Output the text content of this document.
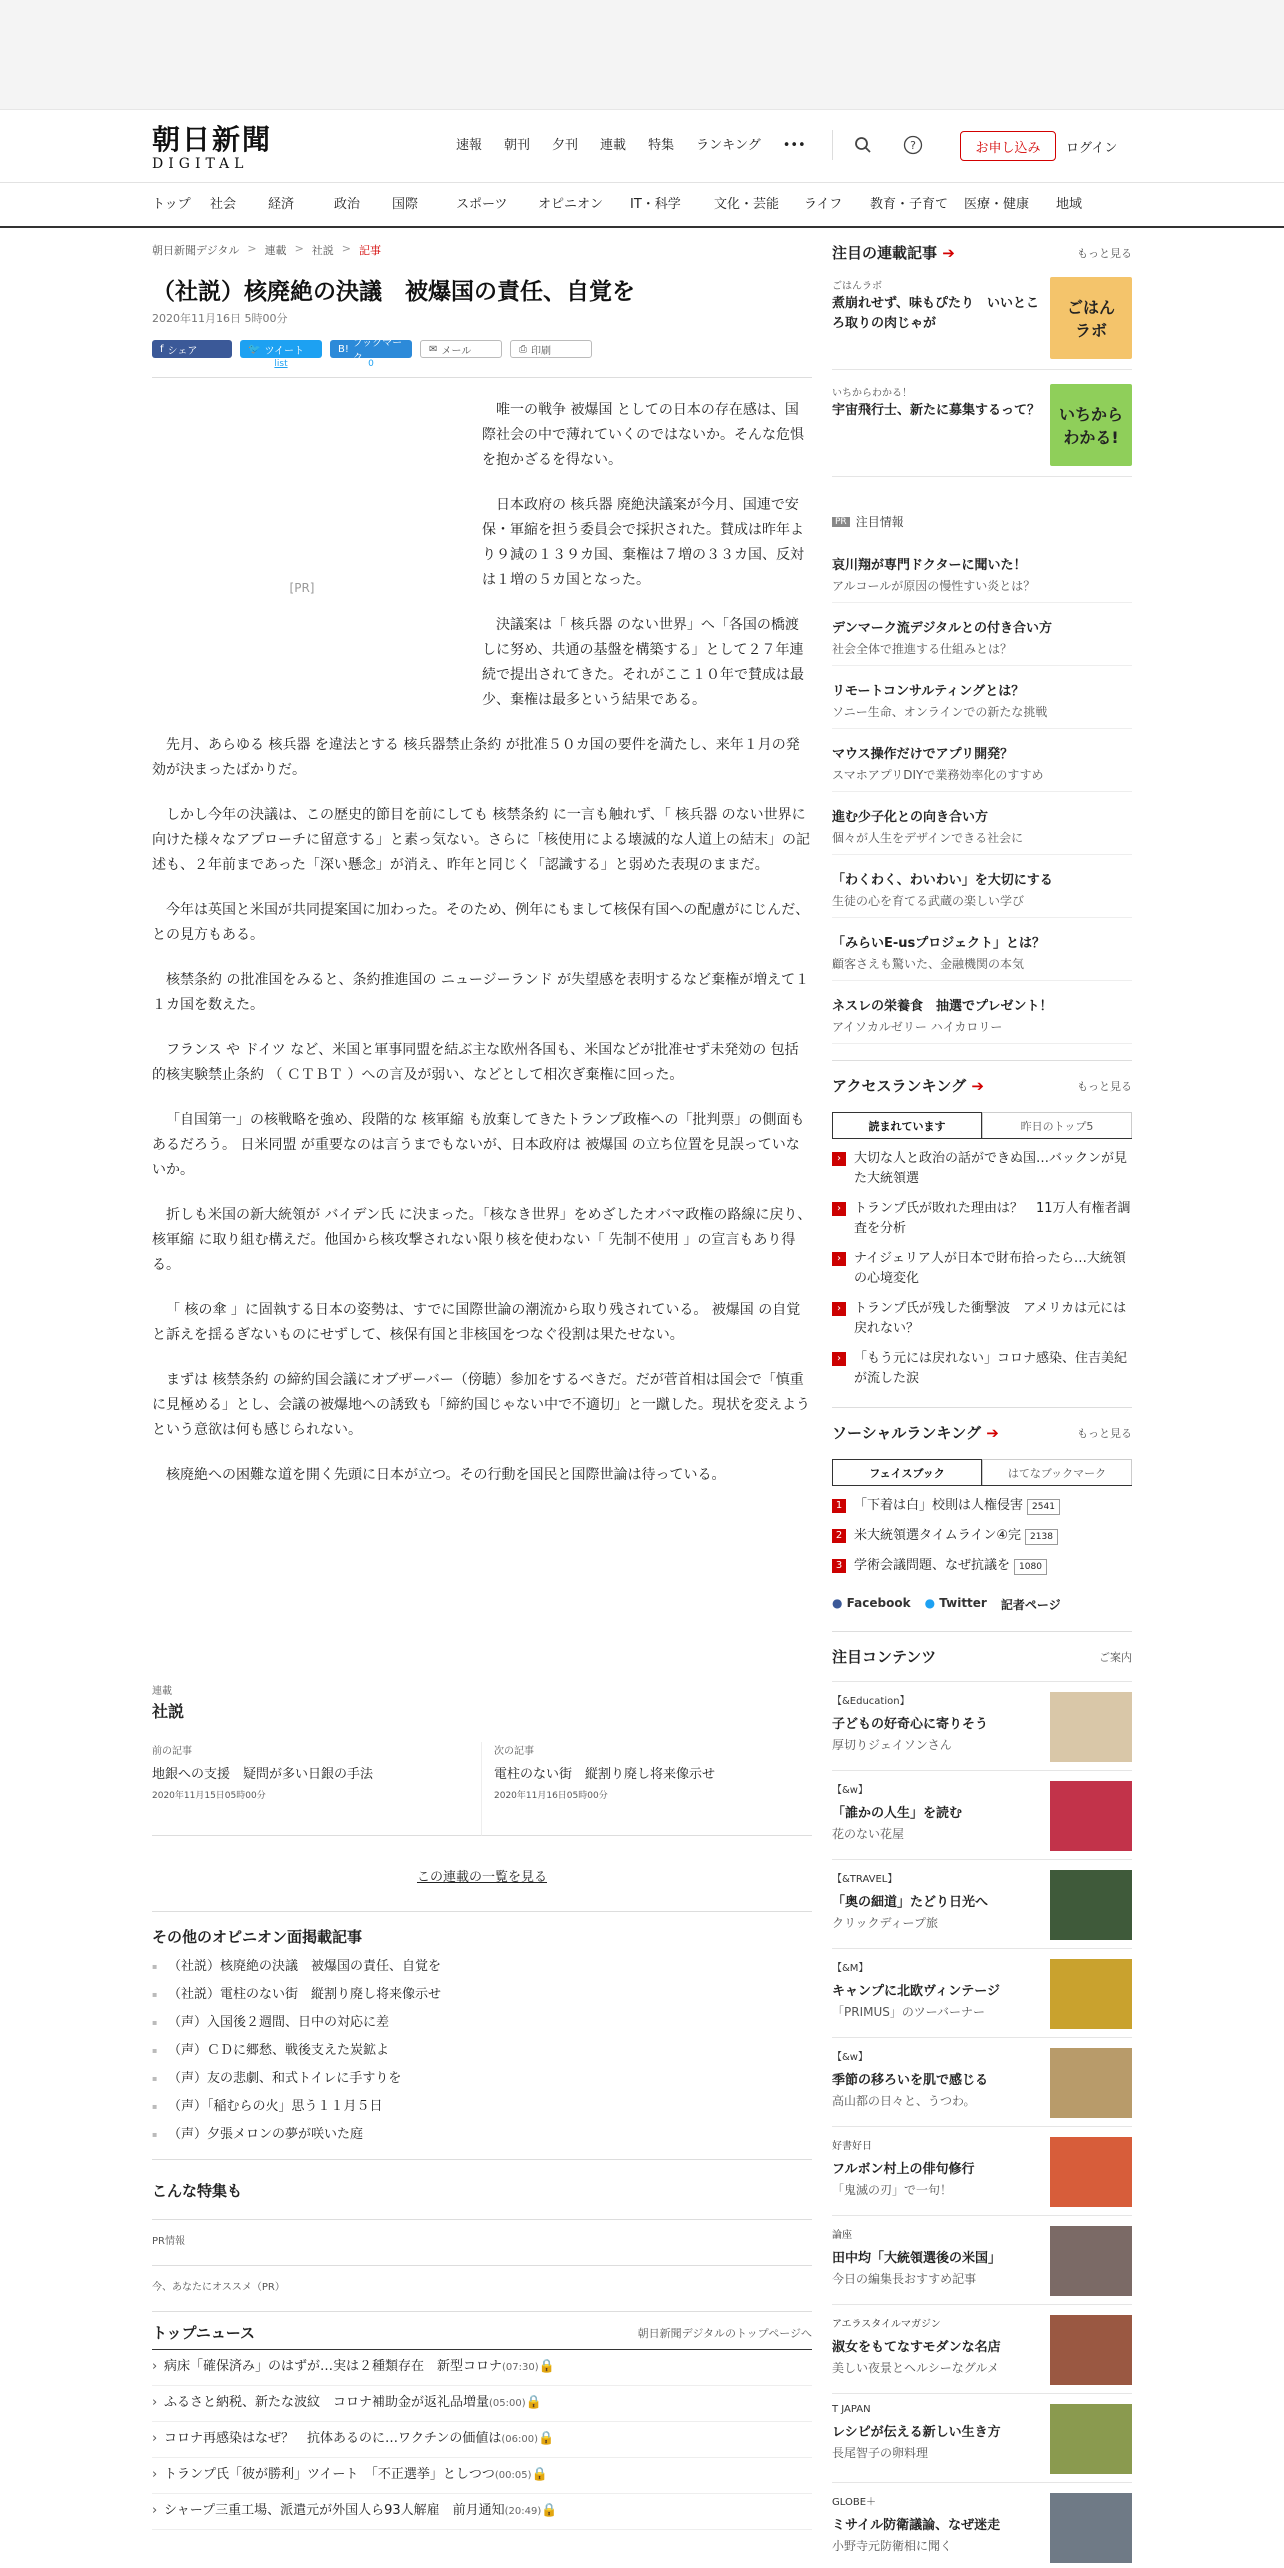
朝日新聞
DIGITAL
速報 朝刊 夕刊 連載 特集 ランキング •••	?	お申し込み	ログイン
トップ	社会	経済	政治	国際	スポーツ	オピニオン	IT・科学	文化・芸能	ライフ	教育・子育て	医療・健康	地域
朝日新聞デジタル > 連載 > 社説 > 記事
（社説）核廃絶の決議　被爆国の責任、自覚を
2020年11月16日 5時00分
f シェア	🐦 ツイート	B! ブックマーク
✉ メール	⎙ 印刷
list	0
[PR]

唯一の戦争 被爆国 としての日本の存在感は、国際社会の中で薄れていくのではないか。そんな危惧を抱かざるを得ない。

日本政府の 核兵器 廃絶決議案が今月、国連で安保・軍縮を担う委員会で採択された。賛成は昨年より９減の１３９カ国、棄権は７増の３３カ国、反対は１増の５カ国となった。

決議案は「 核兵器 のない世界」へ「各国の橋渡しに努め、共通の基盤を構築する」として２７年連続で提出されてきた。それがここ１０年で賛成は最少、棄権は最多という結果である。

先月、あらゆる 核兵器 を違法とする 核兵器禁止条約 が批准５０カ国の要件を満たし、来年１月の発効が決まったばかりだ。

しかし今年の決議は、この歴史的節目を前にしても 核禁条約 に一言も触れず、「 核兵器 のない世界に向けた様々なアプローチに留意する」と素っ気ない。さらに「核使用による壊滅的な人道上の結末」の記述も、２年前まであった「深い懸念」が消え、昨年と同じく「認識する」と弱めた表現のままだ。

今年は英国と米国が共同提案国に加わった。そのため、例年にもまして核保有国への配慮がにじんだ、との見方もある。

核禁条約 の批准国をみると、条約推進国の ニュージーランド が失望感を表明するなど棄権が増えて１１カ国を数えた。

フランス や ドイツ など、米国と軍事同盟を結ぶ主な欧州各国も、米国などが批准せず未発効の 包括的核実験禁止条約 （ ＣＴＢＴ ）への言及が弱い、などとして相次ぎ棄権に回った。

「自国第一」の核戦略を強め、段階的な 核軍縮 も放棄してきたトランプ政権への「批判票」の側面もあるだろう。 日米同盟 が重要なのは言うまでもないが、日本政府は 被爆国 の立ち位置を見誤っていないか。

折しも米国の新大統領が バイデン氏 に決まった。「核なき世界」をめざしたオバマ政権の路線に戻り、 核軍縮 に取り組む構えだ。他国から核攻撃されない限り核を使わない「 先制不使用 」の宣言もあり得る。

「 核の傘 」に固執する日本の姿勢は、すでに国際世論の潮流から取り残されている。 被爆国 の自覚と訴えを揺るぎないものにせずして、核保有国と非核国をつなぐ役割は果たせない。

まずは 核禁条約 の締約国会議にオブザーバー（傍聴）参加をするべきだ。だが菅首相は国会で「慎重に見極める」とし、会議の被爆地への誘致も「締約国じゃない中で不適切」と一蹴した。現状を変えようという意欲は何も感じられない。

核廃絶への困難な道を開く先頭に日本が立つ。その行動を国民と国際世論は待っている。

連載
社説
前の記事
地銀への支援　疑問が多い日銀の手法
2020年11月15日05時00分
次の記事
電柱のない街　縦割り廃し将来像示せ
2020年11月16日05時00分
この連載の一覧を見る
その他のオピニオン面掲載記事
▪ （社説）核廃絶の決議　被爆国の責任、自覚を
▪ （社説）電柱のない街　縦割り廃し将来像示せ
▪ （声）入国後２週間、日中の対応に差
▪ （声）ＣＤに郷愁、戦後支えた炭鉱よ
▪ （声）友の悲劇、和式トイレに手すりを
▪ （声）「稲むらの火」思う１１月５日
▪ （声）夕張メロンの夢が咲いた庭
こんな特集も
PR情報
今、あなたにオススメ（PR）
トップニュース	朝日新聞デジタルのトップページへ
› 病床「確保済み」のはずが…実は２種類存在　新型コロナ(07:30)🔒
› ふるさと納税、新たな波紋　コロナ補助金が返礼品増量(05:00)🔒
› コロナ再感染はなぜ？　抗体あるのに…ワクチンの価値は(06:00)🔒
› トランプ氏「彼が勝利」ツイート　「不正選挙」としつつ(00:05)🔒
› シャープ三重工場、派遣元が外国人ら93人解雇　前月通知(20:49)🔒
注目の連載記事 ➔	もっと見る
ごはんラボ
煮崩れせず、味もぴたり　いいところ取りの肉じゃが
ごはん
ラボ
いちからわかる！
宇宙飛行士、新たに募集するって？	いちから
わかる!
PR 注目情報
哀川翔が専門ドクターに聞いた！
アルコールが原因の慢性すい炎とは？
デンマーク流デジタルとの付き合い方
社会全体で推進する仕組みとは？
リモートコンサルティングとは？
ソニー生命、オンラインでの新たな挑戦
マウス操作だけでアプリ開発？
スマホアプリDIYで業務効率化のすすめ
進む少子化との向き合い方
個々が人生をデザインできる社会に
「わくわく、わいわい」を大切にする
生徒の心を育てる武蔵の楽しい学び
「みらいE-usプロジェクト」とは？
顧客さえも驚いた、金融機関の本気
ネスレの栄養食　抽選でプレゼント！
アイソカルゼリー ハイカロリー
アクセスランキング ➔	もっと見る
読まれています	昨日のトップ5
›	大切な人と政治の話ができぬ国…バックンが見た大統領選
›	トランプ氏が敗れた理由は？　11万人有権者調査を分析
›	ナイジェリア人が日本で財布拾ったら…大統領の心境変化
›	トランプ氏が残した衝撃波　アメリカは元には戻れない？
›	「もう元には戻れない」コロナ感染、住吉美紀が流した涙
ソーシャルランキング ➔	もっと見る
フェイスブック	はてなブックマーク
1 「下着は白」校則は人権侵害 2541
2 米大統領選タイムライン④完 2138
3 学術会議問題、なぜ抗議を 1080
● Facebook ● Twitter 記者ページ
注目コンテンツ	ご案内
【&Education】
子どもの好奇心に寄りそう
厚切りジェイソンさん
【&w】
「誰かの人生」を読む
花のない花屋
【&TRAVEL】
「奥の細道」たどり日光へ
クリックディープ旅
【&M】
キャンプに北欧ヴィンテージ
「PRIMUS」のツーバーナー
【&w】
季節の移ろいを肌で感じる
高山都の日々と、うつわ。
好書好日
フルボン村上の俳句修行
「鬼滅の刃」で一句！
論座
田中均「大統領選後の米国」
今日の編集長おすすめ記事
アエラスタイルマガジン
淑女をもてなすモダンな名店
美しい夜景とヘルシーなグルメ
T JAPAN
レシピが伝える新しい生き方
長尾智子の卵料理
GLOBE＋
ミサイル防衛議論、なぜ迷走
小野寺元防衛相に聞く
